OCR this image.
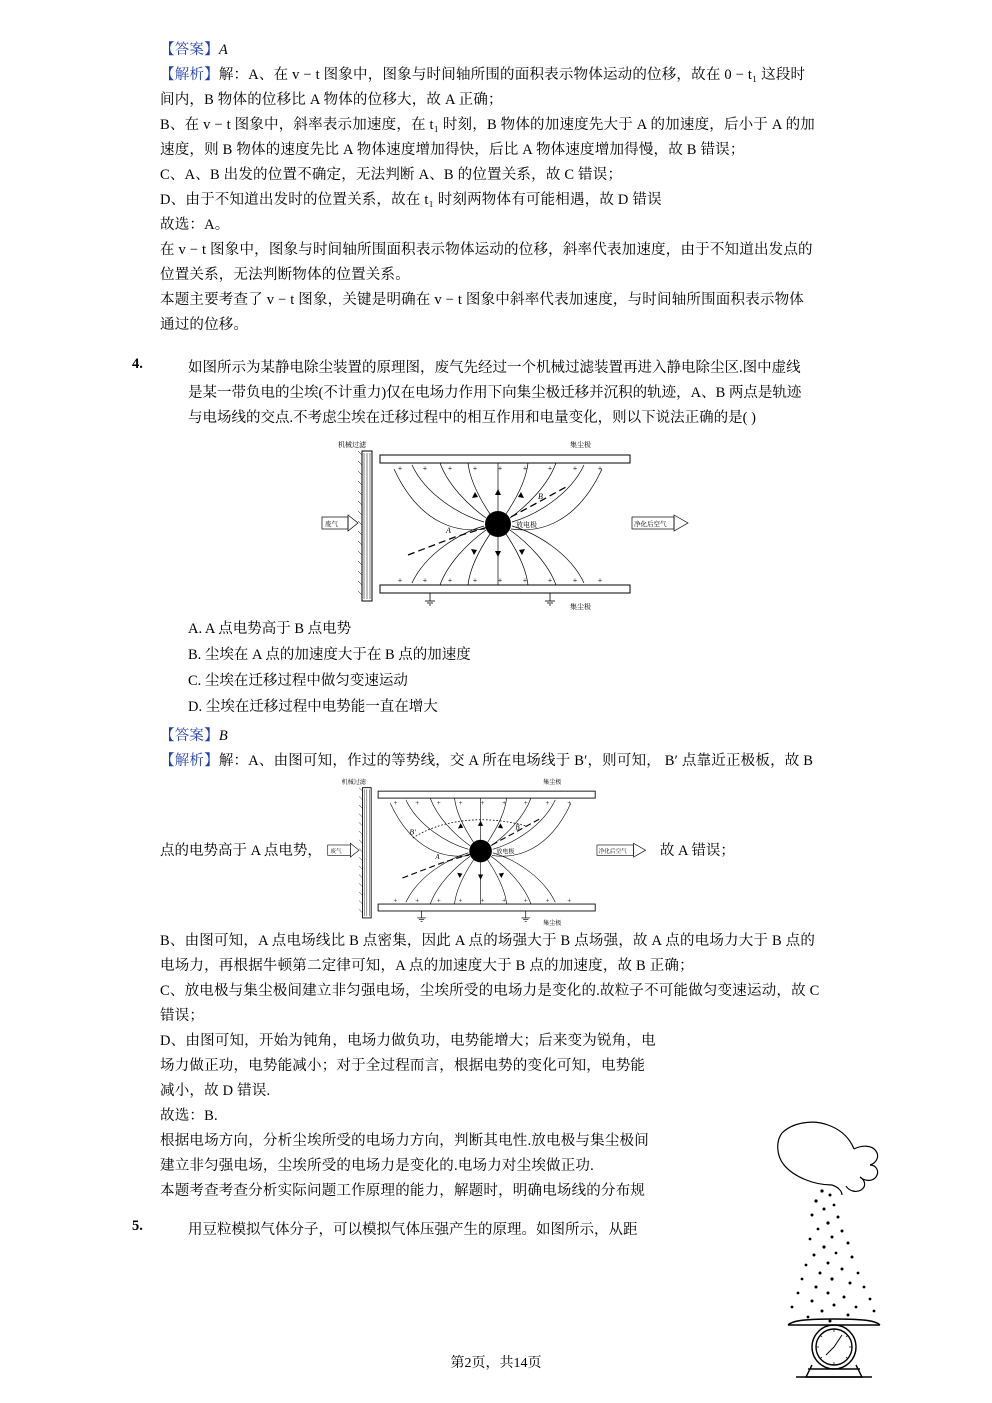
【答案】A
【解析】解：A、在 v − t 图象中，图象与时间轴所围的面积表示物体运动的位移，故在 0 − t₁ 这段时
间内，B 物体的位移比 A 物体的位移大，故 A 正确；
B、在 v − t 图象中，斜率表示加速度，在 t₁ 时刻，B 物体的加速度先大于 A 的加速度，后小于 A 的加
速度，则 B 物体的速度先比 A 物体速度增加得快，后比 A 物体速度增加得慢，故 B 错误；
C、A、B 出发的位置不确定，无法判断 A、B 的位置关系，故 C 错误；
D、由于不知道出发时的位置关系，故在 t₁ 时刻两物体有可能相遇，故 D 错误
故选：A。
在 v − t 图象中，图象与时间轴所围面积表示物体运动的位移，斜率代表加速度，由于不知道出发点的
位置关系，无法判断物体的位置关系。
本题主要考查了 v − t 图象，关键是明确在 v − t 图象中斜率代表加速度，与时间轴所围面积表示物体
通过的位移。
4.	如图所示为某静电除尘装置的原理图，废气先经过一个机械过滤装置再进入静电除尘区.图中虚线
是某一带负电的尘埃(不计重力)仅在电场力作用下向集尘极迁移并沉积的轨迹，A、B 两点是轨迹
与电场线的交点.不考虑尘埃在迁移过程中的相互作用和电量变化，则以下说法正确的是( )
机械过滤	集尘极
集尘极
+	+	+	+	+	+	+	+	+
+	+	+	+	+	+	+	+	+
放电极
A
B
废气	净化后空气
A. A 点电势高于 B 点电势
B. 尘埃在 A 点的加速度大于在 B 点的加速度
C. 尘埃在迁移过程中做匀变速运动
D. 尘埃在迁移过程中电势能一直在增大
【答案】B
【解析】解：A、由图可知，作过的等势线，交 A 所在电场线于 B′，则可知， B′ 点靠近正极板，故 B
点的电势高于 A 点电势，
机械过滤	集尘极
集尘极
+ + + + + + + + +
+ + + + + + + + +
放电极
A
B
B′
废气	净化后空气 故 A 错误；
B、由图可知，A 点电场线比 B 点密集，因此 A 点的场强大于 B 点场强，故 A 点的电场力大于 B 点的
电场力，再根据牛顿第二定律可知，A 点的加速度大于 B 点的加速度，故 B 正确；
C、放电极与集尘极间建立非匀强电场，尘埃所受的电场力是变化的.故粒子不可能做匀变速运动，故 C
错误；
D、由图可知，开始为钝角，电场力做负功，电势能增大；后来变为锐角，电
场力做正功，电势能减小；对于全过程而言，根据电势的变化可知，电势能
减小，故 D 错误.
故选：B.
根据电场方向，分析尘埃所受的电场力方向，判断其电性.放电极与集尘极间
建立非匀强电场，尘埃所受的电场力是变化的.电场力对尘埃做正功.
本题考查考查分析实际问题工作原理的能力，解题时，明确电场线的分布规
5.	用豆粒模拟气体分子，可以模拟气体压强产生的原理。如图所示，从距
第2页，共14页
